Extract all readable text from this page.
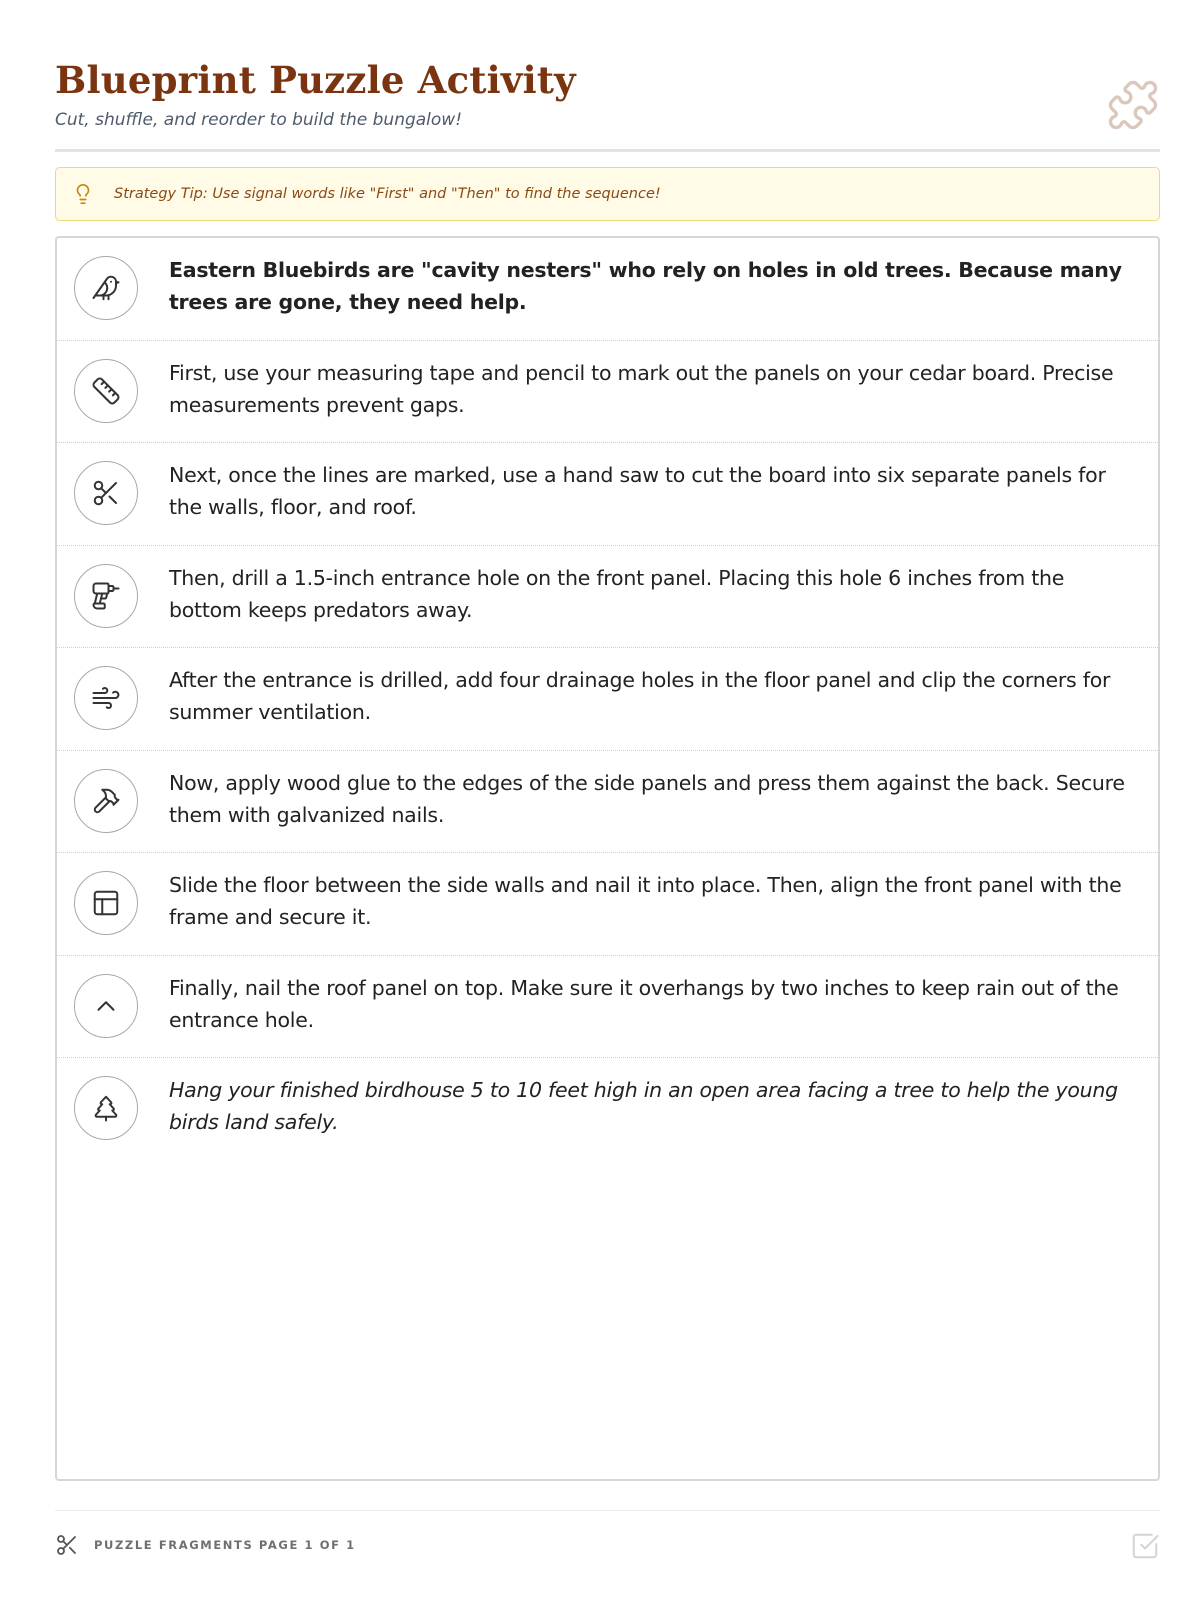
Blueprint Puzzle Activity

Cut, shuffle, and reorder to build the bungalow!

Strategy Tip: Use signal words like "First" and "Then" to find the sequence!
Eastern Bluebirds are "cavity nesters" who rely on holes in old trees. Because many trees are gone, they need help.
First, use your measuring tape and pencil to mark out the panels on your cedar board. Precise measurements prevent gaps.
Next, once the lines are marked, use a hand saw to cut the board into six separate panels for the walls, floor, and roof.
Then, drill a 1.5-inch entrance hole on the front panel. Placing this hole 6 inches from the bottom keeps predators away.
After the entrance is drilled, add four drainage holes in the floor panel and clip the corners for summer ventilation.
Now, apply wood glue to the edges of the side panels and press them against the back. Secure them with galvanized nails.
Slide the floor between the side walls and nail it into place. Then, align the front panel with the frame and secure it.
Finally, nail the roof panel on top. Make sure it overhangs by two inches to keep rain out of the entrance hole.
Hang your finished birdhouse 5 to 10 feet high in an open area facing a tree to help the young birds land safely.
PUZZLE FRAGMENTS PAGE 1 OF 1
